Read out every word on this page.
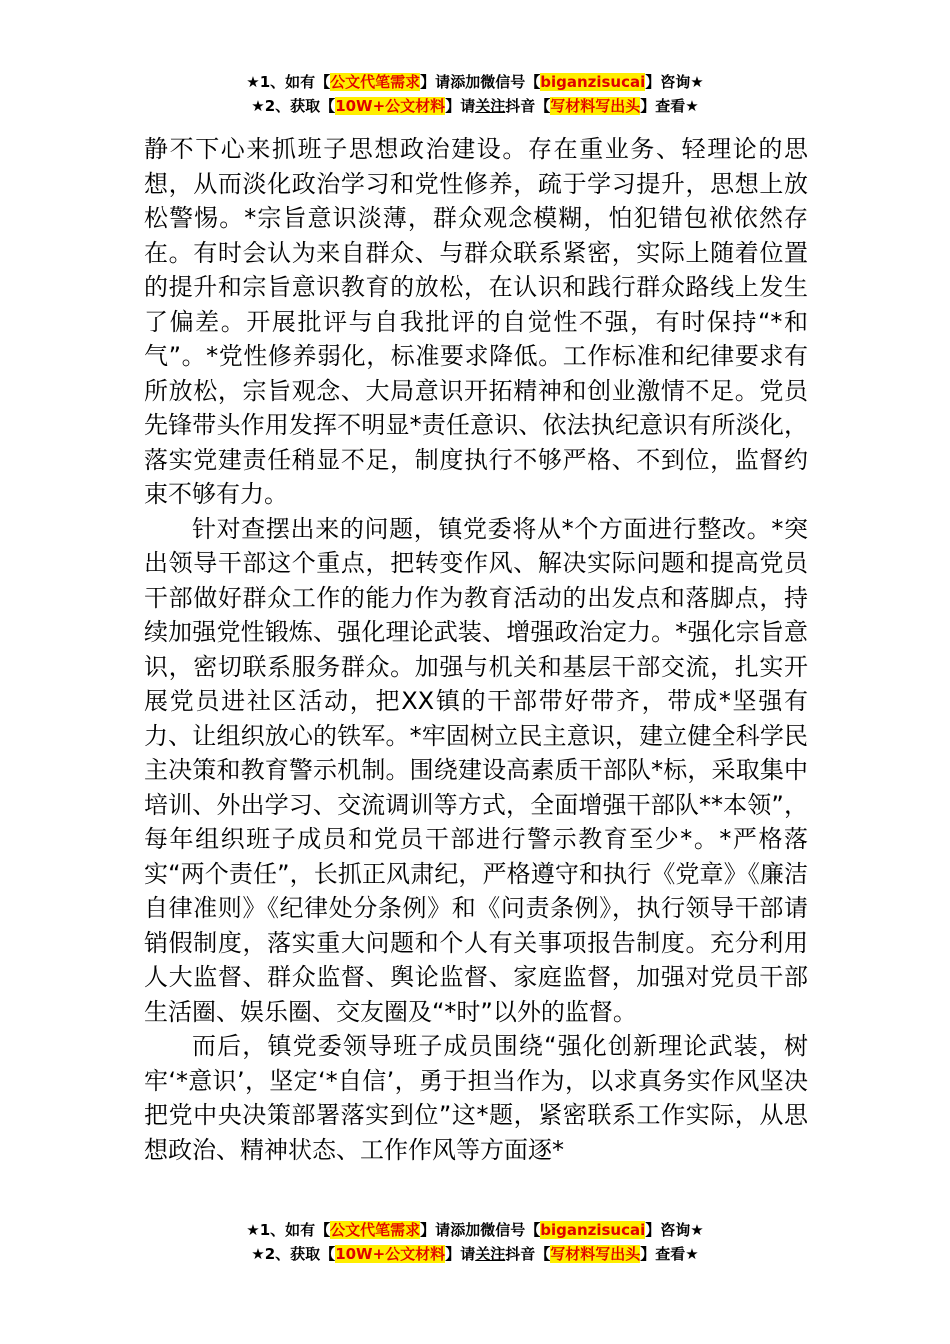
★1、如有【公文代笔需求】请添加微信号【biganzisucai】咨询★
★2、获取【10W+公文材料】请关注抖音【写材料写出头】查看★

静不下心来抓班子思想政治建设。存在重业务、轻理论的思想，从而淡化政治学习和党性修养，疏于学习提升，思想上放松警惕。*宗旨意识淡薄，群众观念模糊，怕犯错包袱依然存在。有时会认为来自群众、与群众联系紧密，实际上随着位置的提升和宗旨意识教育的放松，在认识和践行群众路线上发生了偏差。开展批评与自我批评的自觉性不强，有时保持“*和气”。*党性修养弱化，标准要求降低。工作标准和纪律要求有所放松，宗旨观念、大局意识开拓精神和创业激情不足。党员先锋带头作用发挥不明显*责任意识、依法执纪意识有所淡化，落实党建责任稍显不足，制度执行不够严格、不到位，监督约束不够有力。

针对查摆出来的问题，镇党委将从*个方面进行整改。*突出领导干部这个重点，把转变作风、解决实际问题和提高党员干部做好群众工作的能力作为教育活动的出发点和落脚点，持续加强党性锻炼、强化理论武装、增强政治定力。*强化宗旨意识，密切联系服务群众。加强与机关和基层干部交流，扎实开展党员进社区活动，把XX镇的干部带好带齐，带成*坚强有力、让组织放心的铁军。*牢固树立民主意识，建立健全科学民主决策和教育警示机制。围绕建设高素质干部队*标，采取集中培训、外出学习、交流调训等方式，全面增强干部队**本领”，每年组织班子成员和党员干部进行警示教育至少*。*严格落实“两个责任”，长抓正风肃纪，严格遵守和执行《党章》《廉洁自律准则》《纪律处分条例》和《问责条例》，执行领导干部请销假制度，落实重大问题和个人有关事项报告制度。充分利用人大监督、群众监督、舆论监督、家庭监督，加强对党员干部生活圈、娱乐圈、交友圈及“*时”以外的监督。

而后，镇党委领导班子成员围绕“强化创新理论武装，树牢‘*意识’，坚定‘*自信’，勇于担当作为，以求真务实作风坚决把党中央决策部署落实到位”这*题，紧密联系工作实际，从思想政治、精神状态、工作作风等方面逐*

★1、如有【公文代笔需求】请添加微信号【biganzisucai】咨询★
★2、获取【10W+公文材料】请关注抖音【写材料写出头】查看★
